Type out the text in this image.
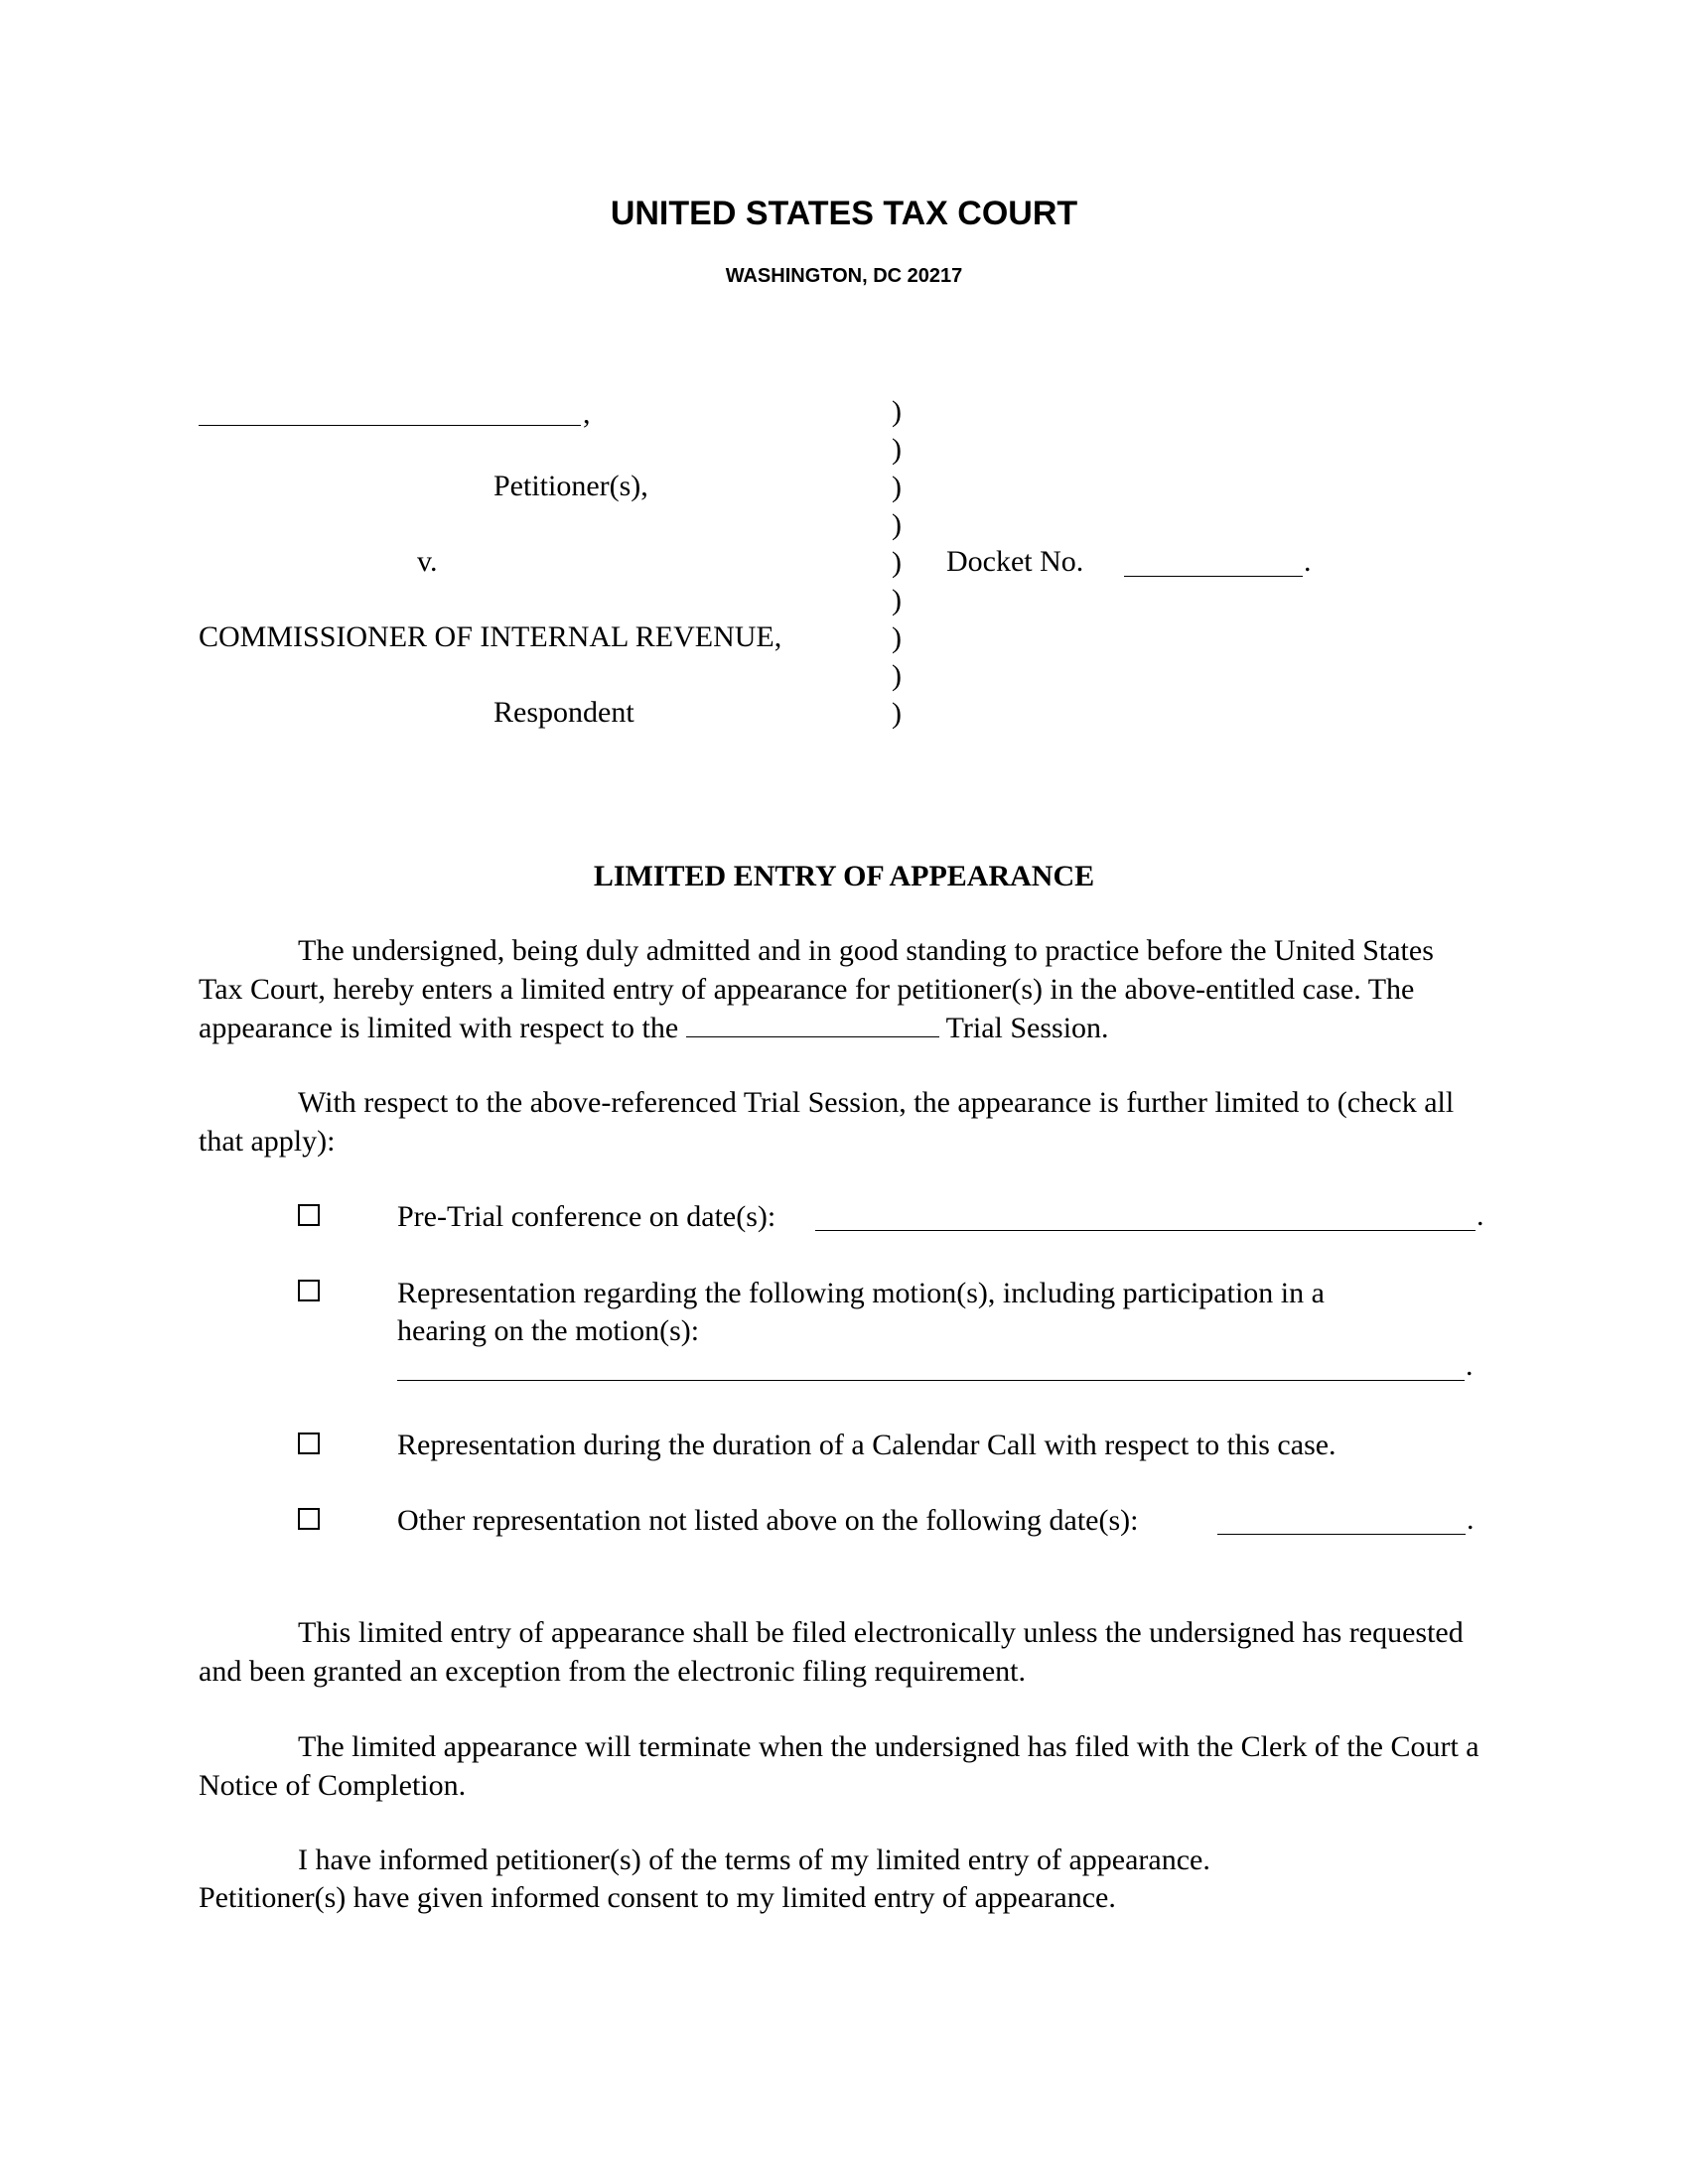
UNITED STATES TAX COURT
WASHINGTON, DC 20217
,
Petitioner(s),
v.
COMMISSIONER OF INTERNAL REVENUE,
Respondent
)
)
)
)
)
)
)
)
)
Docket No.	.
LIMITED ENTRY OF APPEARANCE
The undersigned, being duly admitted and in good standing to practice before the United States Tax Court, hereby enters a limited entry of appearance for petitioner(s) in the above-entitled case. The appearance is limited with respect to the	Trial Session.
With respect to the above-referenced Trial Session, the appearance is further limited to (check all that apply):
Pre-Trial conference on date(s):	.
Representation regarding the following motion(s), including participation in a
hearing on the motion(s):
.
Representation during the duration of a Calendar Call with respect to this case.
Other representation not listed above on the following date(s):	.
This limited entry of appearance shall be filed electronically unless the undersigned has requested and been granted an exception from the electronic filing requirement.
The limited appearance will terminate when the undersigned has filed with the Clerk of the Court a Notice of Completion.
I have informed petitioner(s) of the terms of my limited entry of appearance.
Petitioner(s) have given informed consent to my limited entry of appearance.
